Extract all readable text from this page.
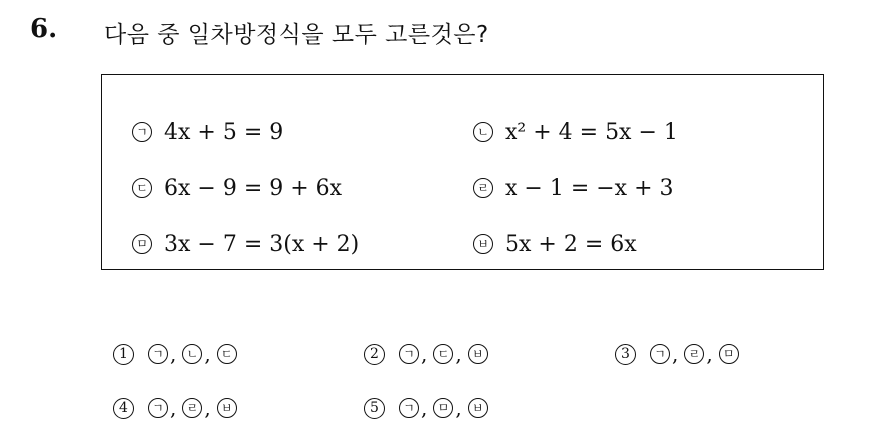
6. 다음 중 일차방정식을 모두 고른것은?
ㄱ 4x + 5 = 9	ㄴ x² + 4 = 5x − 1
ㄷ 6x − 9 = 9 + 6x	ㄹ x − 1 = −x + 3
ㅁ 3x − 7 = 3(x + 2)	ㅂ 5x + 2 = 6x
1	ㄱ , ㄴ , ㄷ	2	ㄱ , ㄷ , ㅂ	3	ㄱ , ㄹ , ㅁ
4	ㄱ , ㄹ , ㅂ	5	ㄱ , ㅁ , ㅂ
